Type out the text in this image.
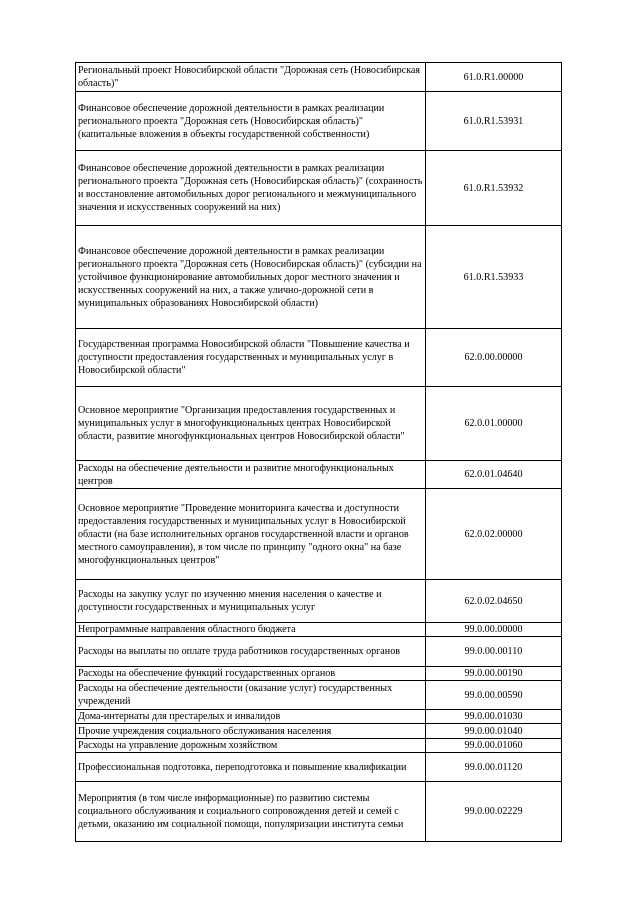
Региональный проект Новосибирской области "Дорожная сеть (Новосибирская область)"	61.0.R1.00000
Финансовое обеспечение дорожной деятельности в рамках реализации регионального проекта "Дорожная сеть (Новосибирская область)" (капитальные вложения в объекты государственной собственности)	61.0.R1.53931
Финансовое обеспечение дорожной деятельности в рамках реализации регионального проекта "Дорожная сеть (Новосибирская область)" (сохранность и восстановление автомобильных дорог регионального и межмуниципального значения и искусственных сооружений на них)	61.0.R1.53932
Финансовое обеспечение дорожной деятельности в рамках реализации регионального проекта "Дорожная сеть (Новосибирская область)" (субсидии на устойчивое функционирование автомобильных дорог местного значения и искусственных сооружений на них, а также улично-дорожной сети в муниципальных образованиях Новосибирской области)	61.0.R1.53933
Государственная программа Новосибирской области "Повышение качества и доступности предоставления государственных и муниципальных услуг в Новосибирской области"	62.0.00.00000
Основное мероприятие "Организация предоставления государственных и муниципальных услуг в многофункциональных центрах Новосибирской области, развитие многофункциональных центров Новосибирской области"	62.0.01.00000
Расходы на обеспечение деятельности и развитие многофункциональных центров	62.0.01.04640
Основное мероприятие "Проведение мониторинга качества и доступности предоставления государственных и муниципальных услуг в Новосибирской области (на базе исполнительных органов государственной власти и органов местного самоуправления), в том числе по принципу "одного окна" на базе многофункциональных центров"	62.0.02.00000
Расходы на закупку услуг по изученню мнения населения о качестве и доступности государственных и муниципальных услуг	62.0.02.04650
Непрограммные направления областного бюджета	99.0.00.00000
Расходы на выплаты по оплате труда работников государственных органов	99.0.00.00110
Расходы на обеспечение функций государственных органов	99.0.00.00190
Расходы на обеспечение деятельности (оказание услуг) государственных учреждений	99.0.00.00590
Дома-интернаты для престарелых и инвалидов	99.0.00.01030
Прочие учреждения социального обслуживания населения	99.0.00.01040
Расходы на управление дорожным хозяйством	99.0.00.01060
Профессиональная подготовка, переподготовка и повышение квалификации	99.0.00.01120
Мероприятия (в том числе информационные) по развитию системы социального обслуживания и социального сопровождения детей и семей с детьми, оказанию им социальной помощи, популяризации института семьи	99.0.00.02229
